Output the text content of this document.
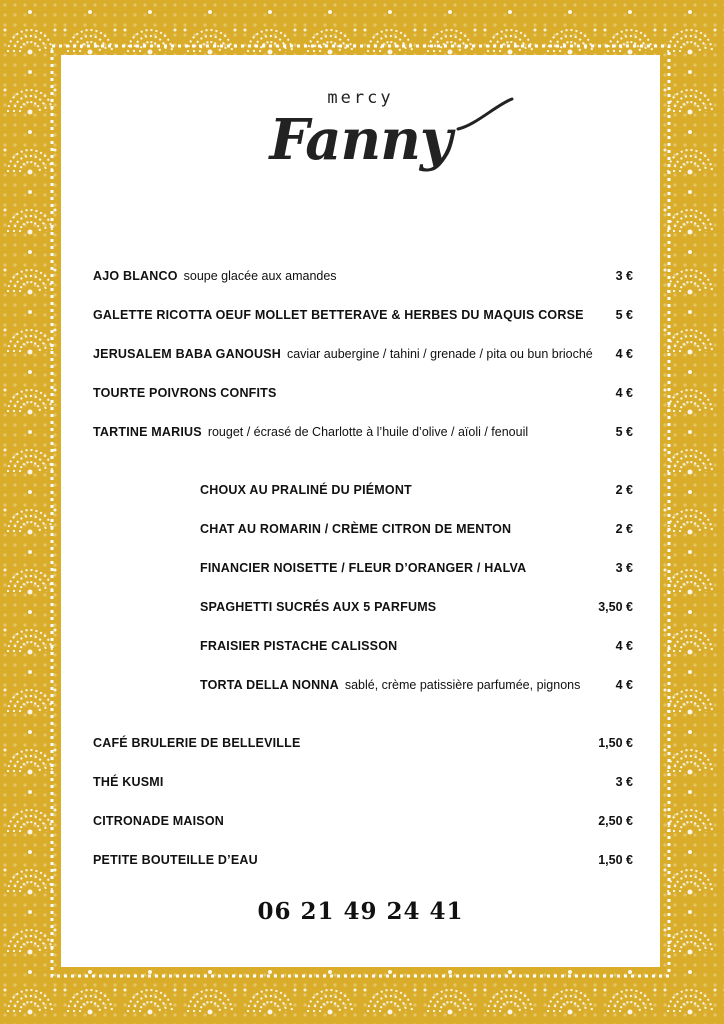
mercy
Fanny
AJO BLANCO soupe glacée aux amandes	3 €
GALETTE RICOTTA OEUF MOLLET BETTERAVE & HERBES DU MAQUIS CORSE	5 €
JERUSALEM BABA GANOUSH caviar aubergine / tahini / grenade / pita ou bun brioché 4 €
TOURTE POIVRONS CONFITS	4 €
TARTINE MARIUS rouget / écrasé de Charlotte à l’huile d’olive / aïoli / fenouil	5 €
CHOUX AU PRALINÉ DU PIÉMONT	2 €
CHAT AU ROMARIN / CRÈME CITRON DE MENTON	2 €
FINANCIER NOISETTE / FLEUR D’ORANGER / HALVA	3 €
SPAGHETTI SUCRÉS AUX 5 PARFUMS	3,50 €
FRAISIER PISTACHE CALISSON	4 €
TORTA DELLA NONNA sablé, crème patissière parfumée, pignons	4 €
CAFÉ BRULERIE DE BELLEVILLE	1,50 €
THÉ KUSMI	3 €
CITRONADE MAISON	2,50 €
PETITE BOUTEILLE D’EAU	1,50 €
06 21 49 24 41
